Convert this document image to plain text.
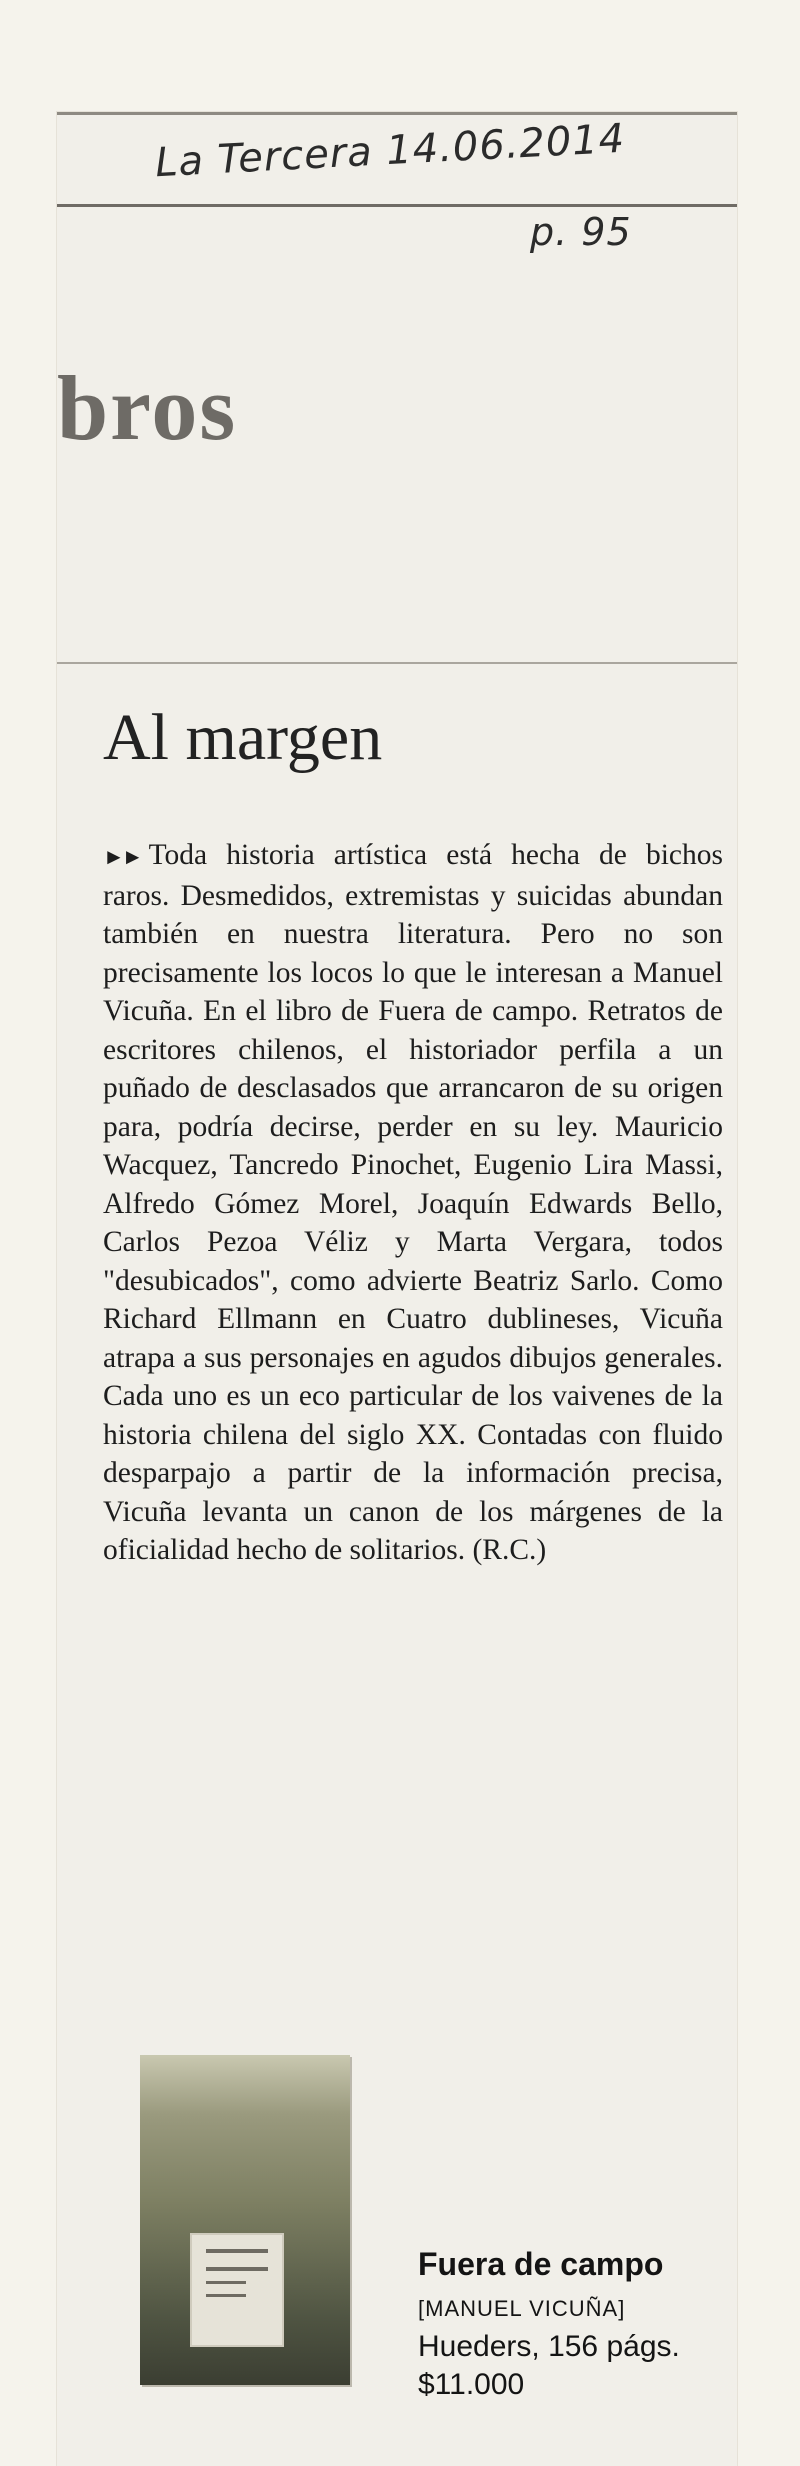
La Tercera 14.06.2014
p. 95
bros
Al margen
►► Toda historia artística está hecha de bichos raros. Desmedidos, extremistas y suicidas abundan también en nuestra literatura. Pero no son precisamente los locos lo que le interesan a Manuel Vicuña. En el libro de Fuera de campo. Retratos de escritores chilenos, el historiador perfila a un puñado de desclasados que arrancaron de su origen para, podría decirse, perder en su ley. Mauricio Wacquez, Tancredo Pinochet, Eugenio Lira Massi, Alfredo Gómez Morel, Joaquín Edwards Bello, Carlos Pezoa Véliz y Marta Vergara, todos "desubicados", como advierte Beatriz Sarlo. Como Richard Ellmann en Cuatro dublineses, Vicuña atrapa a sus personajes en agudos dibujos generales. Cada uno es un eco particular de los vaivenes de la historia chilena del siglo XX. Contadas con fluido desparpajo a partir de la información precisa, Vicuña levanta un canon de los márgenes de la oficialidad hecho de solitarios. (R.C.)
Fuera de campo
[MANUEL VICUÑA]
Hueders, 156 págs.
$11.000
